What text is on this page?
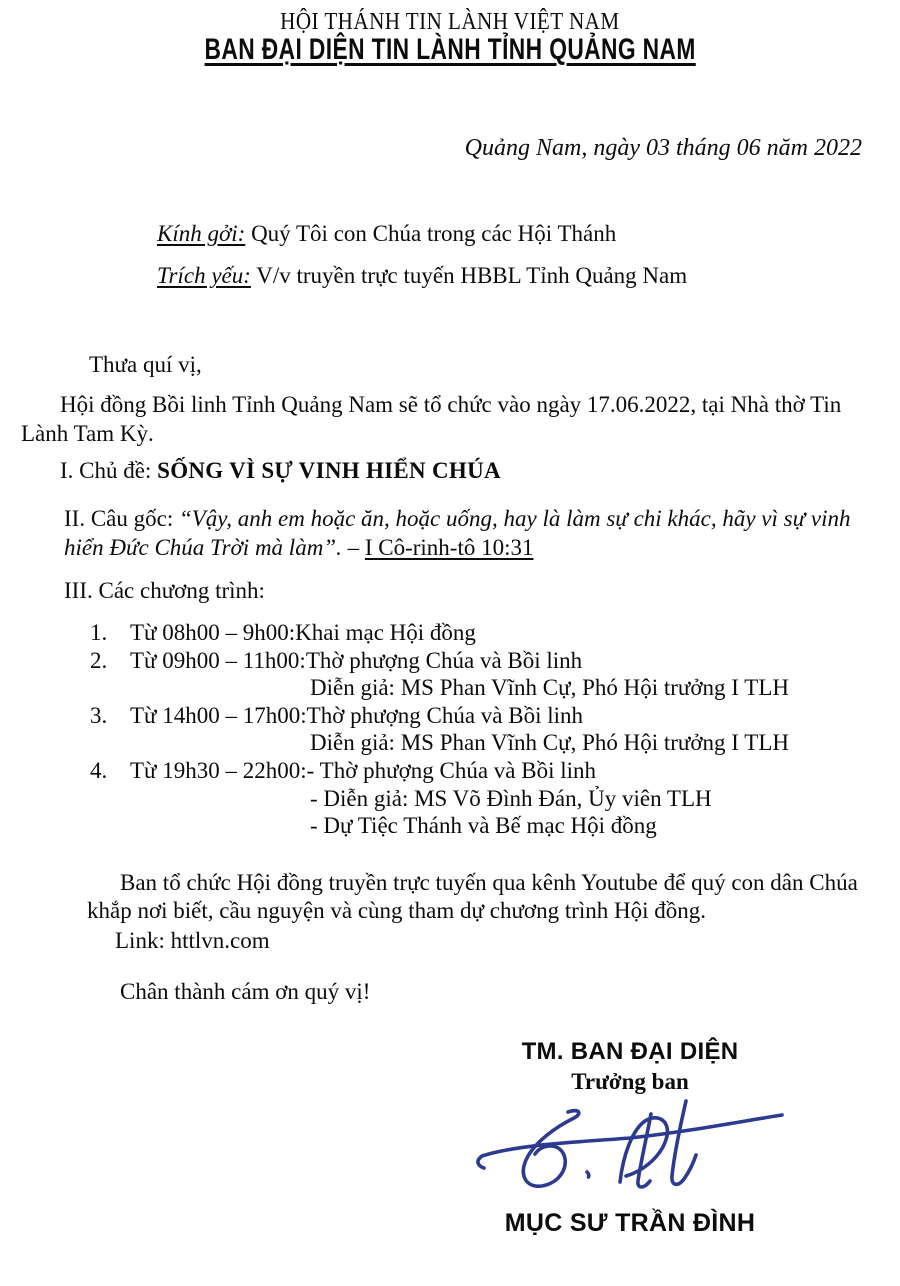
HỘI THÁNH TIN LÀNH VIỆT NAM
BAN ĐẠI DIỆN TIN LÀNH TỈNH QUẢNG NAM
Quảng Nam, ngày 03 tháng 06 năm 2022
Kính gởi: Quý Tôi con Chúa trong các Hội Thánh
Trích yếu: V/v truyền trực tuyến HBBL Tỉnh Quảng Nam
Thưa quí vị,
Hội đồng Bồi linh Tỉnh Quảng Nam sẽ tổ chức vào ngày 17.06.2022, tại Nhà thờ Tin
Lành Tam Kỳ.
I. Chủ đề: SỐNG VÌ SỰ VINH HIỂN CHÚA
II. Câu gốc: “Vậy, anh em hoặc ăn, hoặc uống, hay là làm sự chi khác, hãy vì sự vinh
hiển Đức Chúa Trời mà làm”. – I Cô-rinh-tô 10:31
III. Các chương trình:
1. Từ 08h00 – 9h00: Khai mạc Hội đồng
2. Từ 09h00 – 11h00: Thờ phượng Chúa và Bồi linh
Diễn giả: MS Phan Vĩnh Cự, Phó Hội trưởng I TLH
3. Từ 14h00 – 17h00: Thờ phượng Chúa và Bồi linh
Diễn giả: MS Phan Vĩnh Cự, Phó Hội trưởng I TLH
4. Từ 19h30 – 22h00: - Thờ phượng Chúa và Bồi linh
- Diễn giả: MS Võ Đình Đán, Ủy viên TLH
- Dự Tiệc Thánh và Bế mạc Hội đồng
Ban tổ chức Hội đồng truyền trực tuyến qua kênh Youtube để quý con dân Chúa
khắp nơi biết, cầu nguyện và cùng tham dự chương trình Hội đồng.
Link: httlvn.com
Chân thành cám ơn quý vị!
TM. BAN ĐẠI DIỆN
Trưởng ban
MỤC SƯ TRẦN ĐÌNH
